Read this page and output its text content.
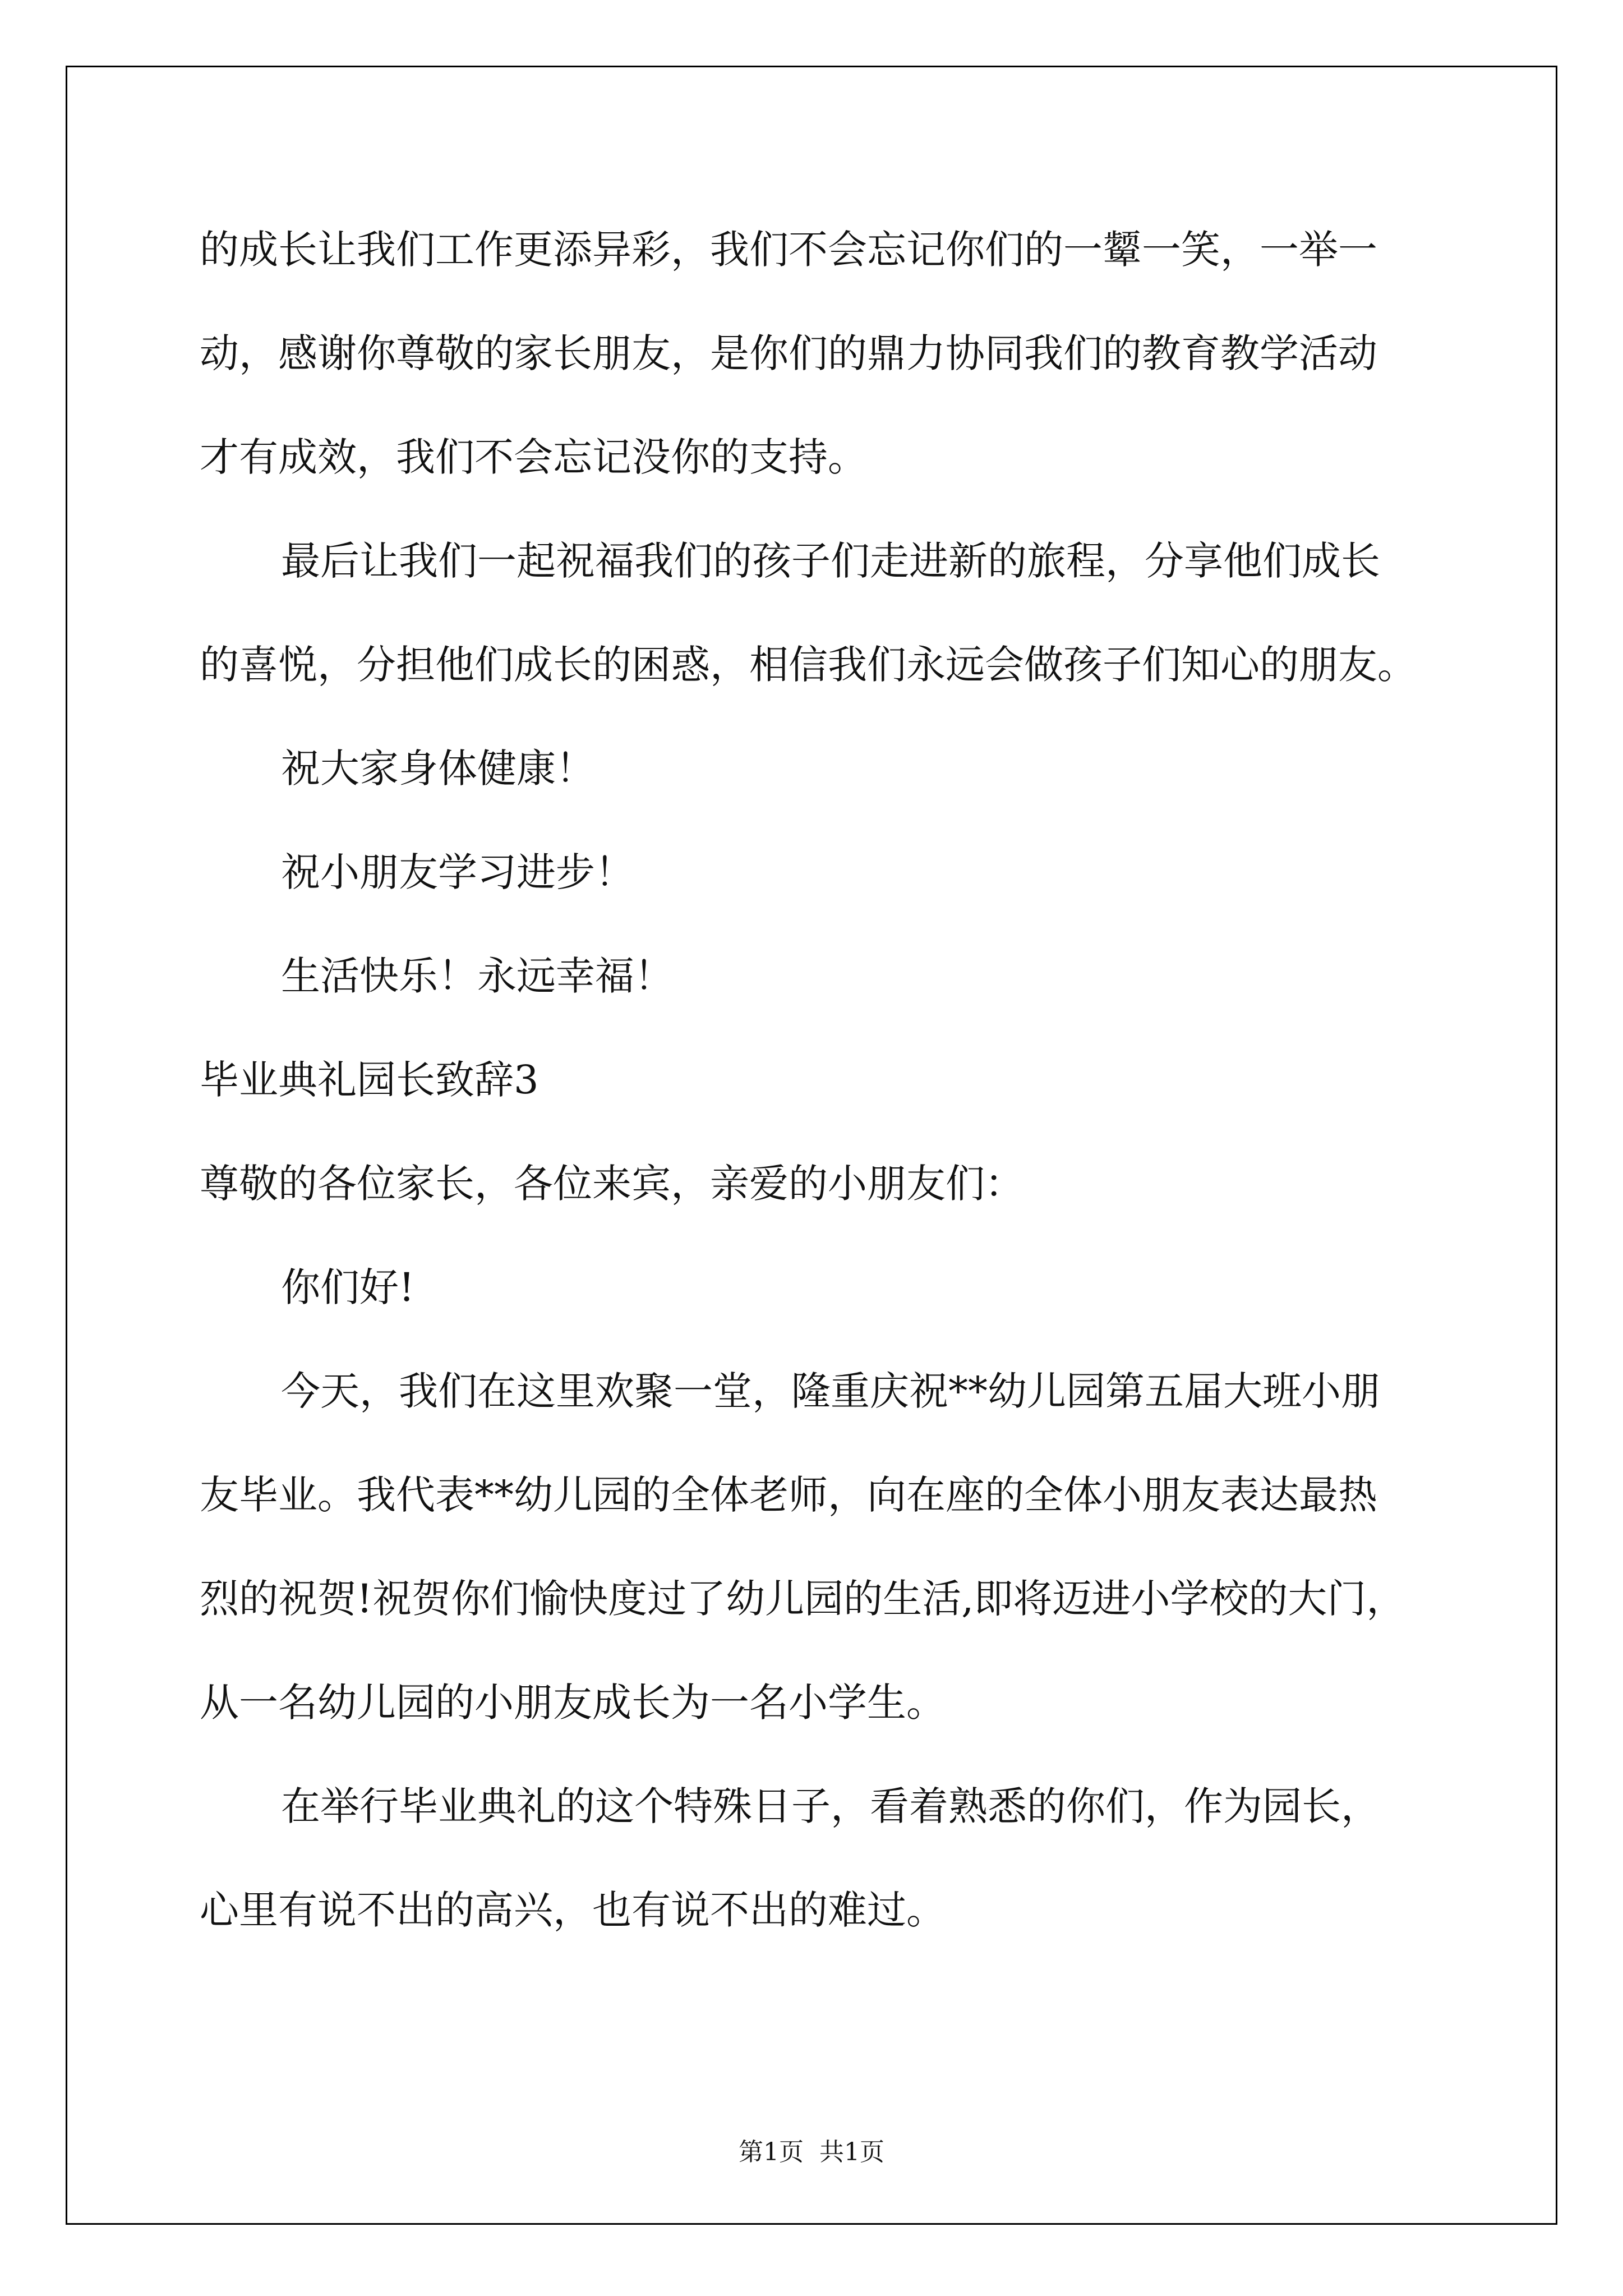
的成长让我们工作更添异彩，我们不会忘记你们的一颦一笑，一举一
动，感谢你尊敬的家长朋友，是你们的鼎力协同我们的教育教学活动
才有成效，我们不会忘记没你的支持。
最后让我们一起祝福我们的孩子们走进新的旅程，分享他们成长
的喜悦，分担他们成长的困惑，相信我们永远会做孩子们知心的朋友。
祝大家身体健康！
祝小朋友学习进步！
生活快乐！永远幸福！
毕业典礼园长致辞3
尊敬的各位家长，各位来宾，亲爱的小朋友们：
你们好!
今天，我们在这里欢聚一堂，隆重庆祝**幼儿园第五届大班小朋
友毕业。我代表**幼儿园的全体老师，向在座的全体小朋友表达最热
烈的祝贺!祝贺你们愉快度过了幼儿园的生活,即将迈进小学校的大门，
从一名幼儿园的小朋友成长为一名小学生。
在举行毕业典礼的这个特殊日子，看着熟悉的你们，作为园长，
心里有说不出的高兴，也有说不出的难过。
第1页  共1页
